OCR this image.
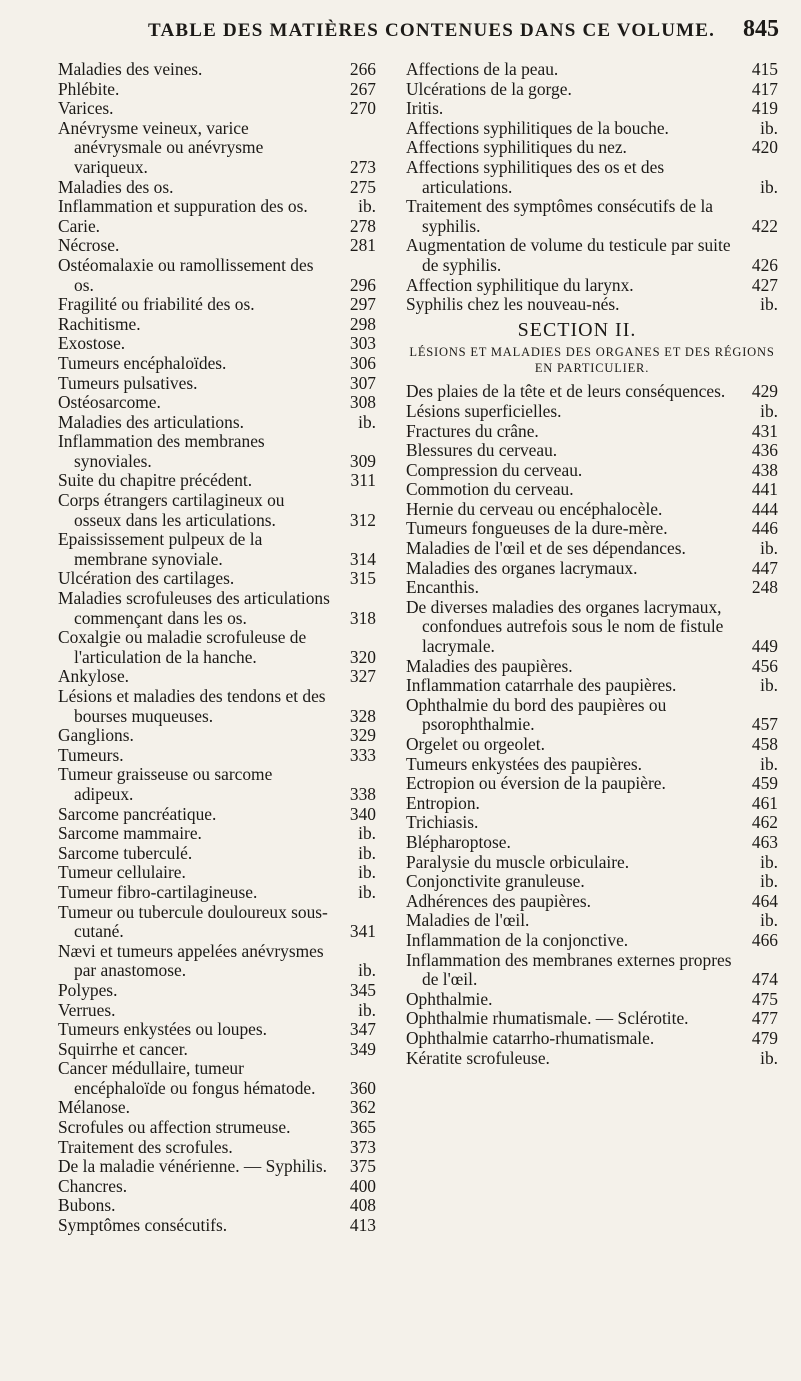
TABLE DES MATIÈRES CONTENUES DANS CE VOLUME. 845
Maladies des veines.	266
Phlébite.	267
Varices.	270
Anévrysme veineux, varice anévrysmale ou anévrysme variqueux.	273
Maladies des os.	275
Inflammation et suppuration des os.	ib.
Carie.	278
Nécrose.	281
Ostéomalaxie ou ramollissement des os.	296
Fragilité ou friabilité des os.	297
Rachitisme.	298
Exostose.	303
Tumeurs encéphaloïdes.	306
Tumeurs pulsatives.	307
Ostéosarcome.	308
Maladies des articulations.	ib.
Inflammation des membranes synoviales.	309
Suite du chapitre précédent.	311
Corps étrangers cartilagineux ou osseux dans les articulations.	312
Epaississement pulpeux de la membrane synoviale.	314
Ulcération des cartilages.	315
Maladies scrofuleuses des articulations commençant dans les os.	318
Coxalgie ou maladie scrofuleuse de l'articulation de la hanche.	320
Ankylose.	327
Lésions et maladies des tendons et des bourses muqueuses.	328
Ganglions.	329
Tumeurs.	333
Tumeur graisseuse ou sarcome adipeux.	338
Sarcome pancréatique.	340
Sarcome mammaire.	ib.
Sarcome tuberculé.	ib.
Tumeur cellulaire.	ib.
Tumeur fibro-cartilagineuse.	ib.
Tumeur ou tubercule douloureux sous-cutané.	341
Nævi et tumeurs appelées anévrysmes par anastomose.	ib.
Polypes.	345
Verrues.	ib.
Tumeurs enkystées ou loupes.	347
Squirrhe et cancer.	349
Cancer médullaire, tumeur encéphaloïde ou fongus hématode.	360
Mélanose.	362
Scrofules ou affection strumeuse.	365
Traitement des scrofules.	373
De la maladie vénérienne. — Syphilis.	375
Chancres.	400
Bubons.	408
Symptômes consécutifs.	413
Affections de la peau.	415
Ulcérations de la gorge.	417
Iritis.	419
Affections syphilitiques de la bouche.	ib.
Affections syphilitiques du nez.	420
Affections syphilitiques des os et des articulations.	ib.
Traitement des symptômes consécutifs de la syphilis.	422
Augmentation de volume du testicule par suite de syphilis.	426
Affection syphilitique du larynx.	427
Syphilis chez les nouveau-nés.	ib.
SECTION II.
LÉSIONS ET MALADIES DES ORGANES ET DES RÉGIONS EN PARTICULIER.
Des plaies de la tête et de leurs conséquences.	429
Lésions superficielles.	ib.
Fractures du crâne.	431
Blessures du cerveau.	436
Compression du cerveau.	438
Commotion du cerveau.	441
Hernie du cerveau ou encéphalocèle.	444
Tumeurs fongueuses de la dure-mère.	446
Maladies de l'œil et de ses dépendances.	ib.
Maladies des organes lacrymaux.	447
Encanthis.	248
De diverses maladies des organes lacrymaux, confondues autrefois sous le nom de fistule lacrymale.	449
Maladies des paupières.	456
Inflammation catarrhale des paupières.	ib.
Ophthalmie du bord des paupières ou psorophthalmie.	457
Orgelet ou orgeolet.	458
Tumeurs enkystées des paupières.	ib.
Ectropion ou éversion de la paupière.	459
Entropion.	461
Trichiasis.	462
Blépharoptose.	463
Paralysie du muscle orbiculaire.	ib.
Conjonctivite granuleuse.	ib.
Adhérences des paupières.	464
Maladies de l'œil.	ib.
Inflammation de la conjonctive.	466
Inflammation des membranes externes propres de l'œil.	474
Ophthalmie.	475
Ophthalmie rhumatismale. — Sclérotite.	477
Ophthalmie catarrho-rhumatismale.	479
Kératite scrofuleuse.	ib.
